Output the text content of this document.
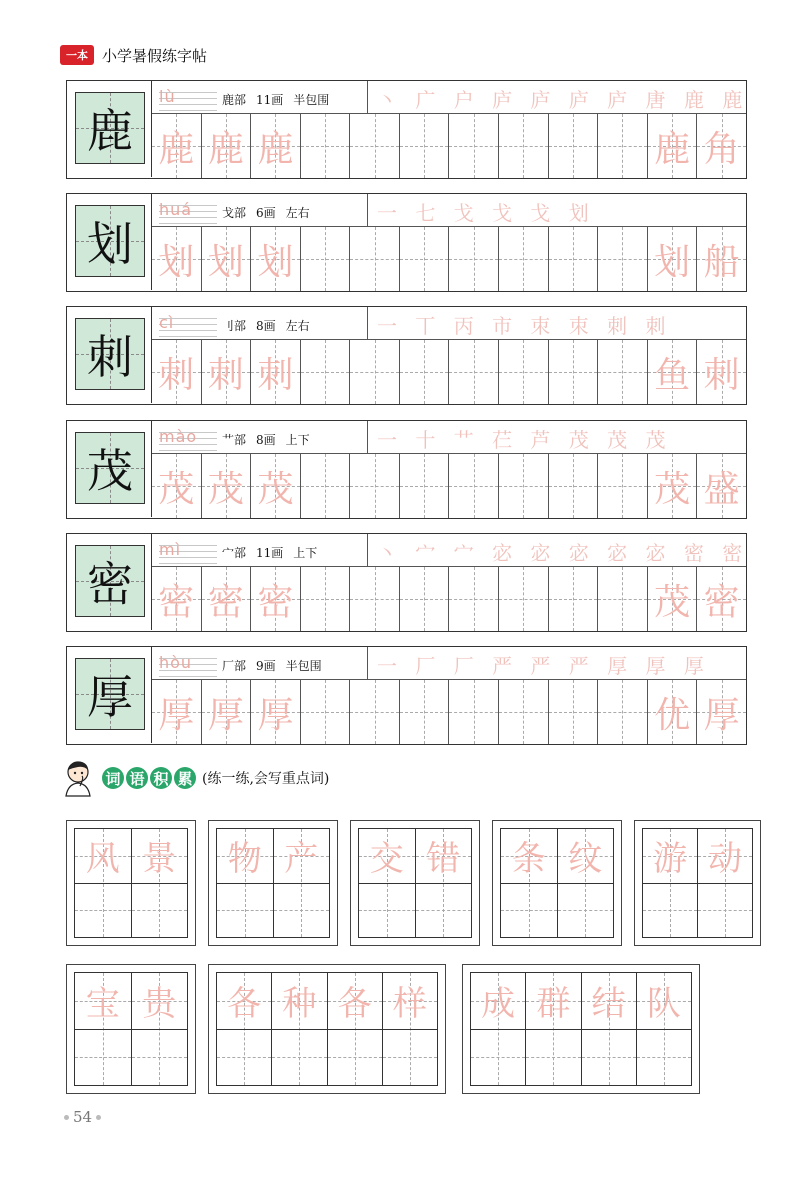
一本 小学暑假练字帖
鹿
lù	鹿部 11画 半包围 丶 广 户 庐 庐 庐 庐 唐 鹿 鹿
鹿 鹿 鹿	鹿 角
划
huá	戈部 6画 左右	一 七 戈 戈 戈 划
划 划 划	划 船
刺
cì	刂部 8画 左右	一 丅 丙 市 朿 朿 刺 刺
刺 刺 刺	鱼 刺
茂
mào	艹部 8画 上下	一 十 艹 芢 芦 茂 茂 茂
茂 茂 茂	茂 盛
密
mì	宀部 11画 上下	丶 宀 宀 宓 宓 宓 宓 宓 密 密
密 密 密	茂 密
厚
hòu	厂部 9画 半包围	一 厂 厂 严 严 严 厚 厚 厚
厚 厚 厚	优 厚
词 语 积 累 (练一练,会写重点词)
风 景 物 产 交 错 条 纹 游 动
宝 贵 各 种 各 样 成 群 结 队
54
